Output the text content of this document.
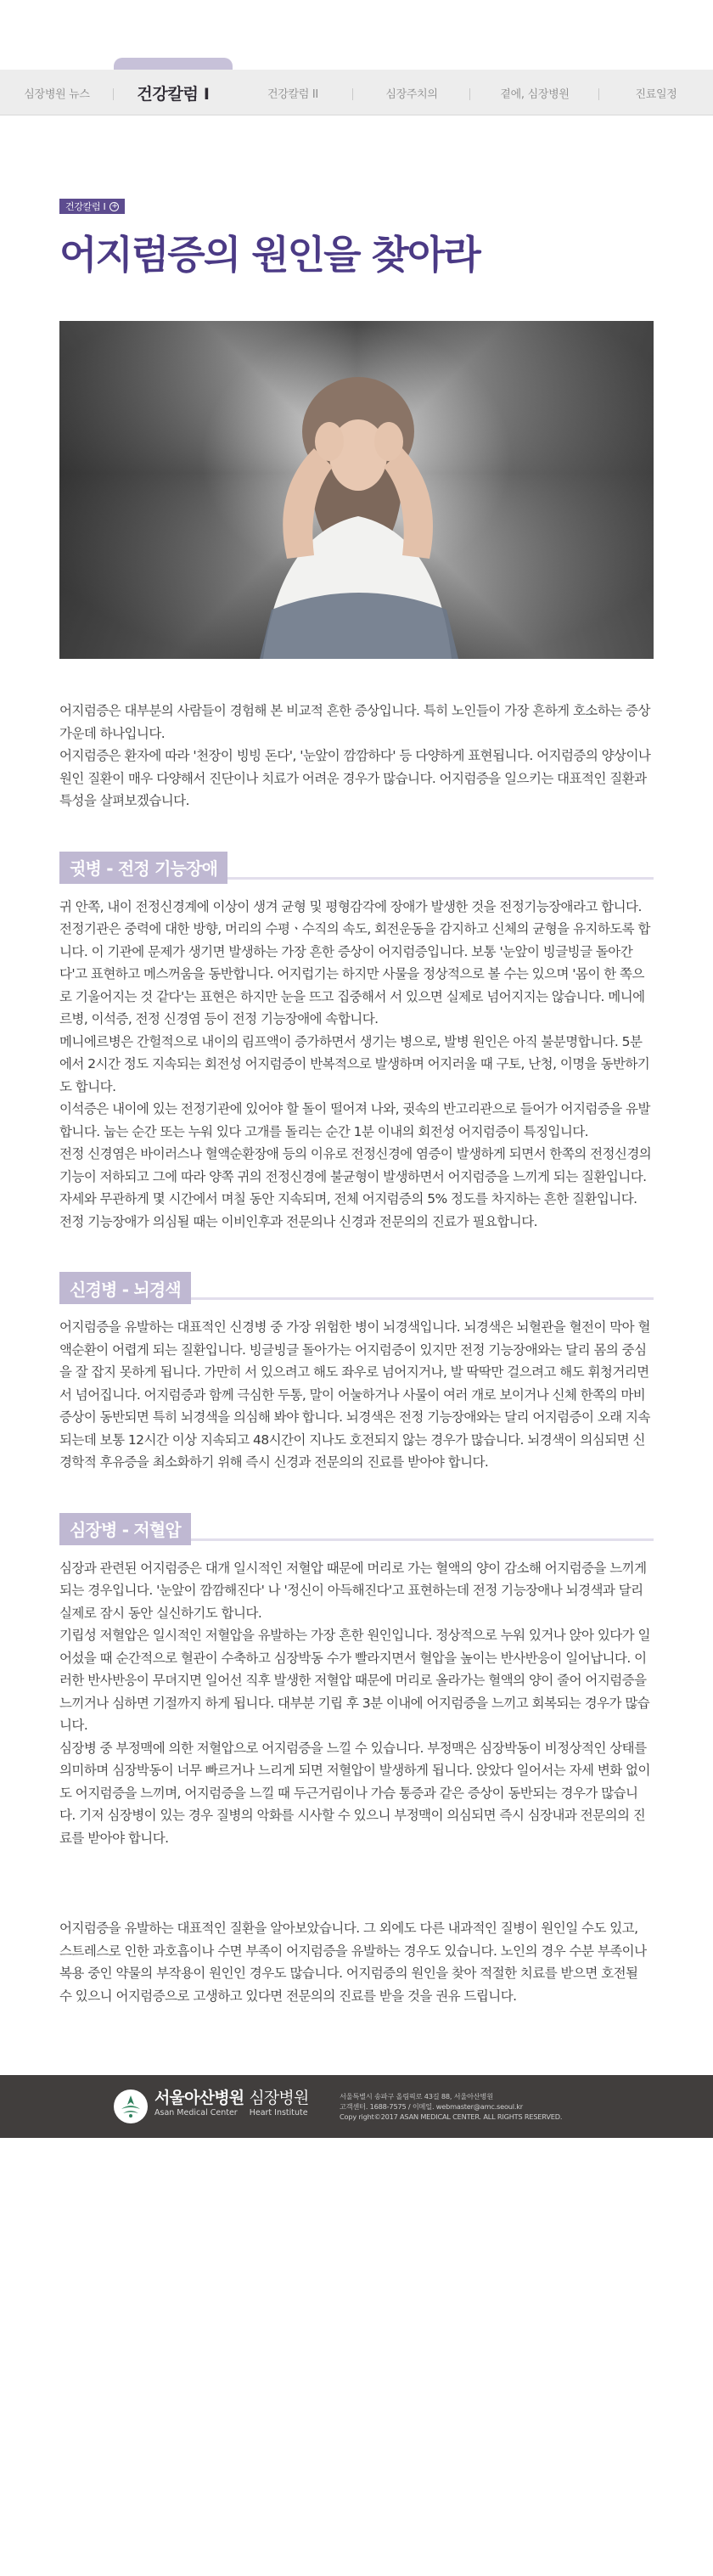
심장병원 뉴스	건강칼럼 I	건강칼럼 II	심장주치의	곁에, 심장병원	진료일정
건강칼럼 I +
어지럼증의 원인을 찾아라

어지럼증은 대부분의 사람들이 경험해 본 비교적 흔한 증상입니다. 특히 노인들이 가장 흔하게 호소하는 증상 가운데 하나입니다.

어지럼증은 환자에 따라 '천장이 빙빙 돈다', '눈앞이 깜깜하다' 등 다양하게 표현됩니다. 어지럼증의 양상이나 원인 질환이 매우 다양해서 진단이나 치료가 어려운 경우가 많습니다. 어지럼증을 일으키는 대표적인 질환과 특성을 살펴보겠습니다.

귓병 - 전정 기능장애

귀 안쪽, 내이 전정신경계에 이상이 생겨 균형 및 평형감각에 장애가 발생한 것을 전정기능장애라고 합니다. 전정기관은 중력에 대한 방향, 머리의 수평ㆍ수직의 속도, 회전운동을 감지하고 신체의 균형을 유지하도록 합니다. 이 기관에 문제가 생기면 발생하는 가장 흔한 증상이 어지럼증입니다. 보통 '눈앞이 빙글빙글 돌아간다'고 표현하고 메스꺼움을 동반합니다. 어지럽기는 하지만 사물을 정상적으로 볼 수는 있으며 '몸이 한 쪽으로 기울어지는 것 같다'는 표현은 하지만 눈을 뜨고 집중해서 서 있으면 실제로 넘어지지는 않습니다. 메니에르병, 이석증, 전정 신경염 등이 전정 기능장애에 속합니다.

메니에르병은 간헐적으로 내이의 림프액이 증가하면서 생기는 병으로, 발병 원인은 아직 불분명합니다. 5분에서 2시간 정도 지속되는 회전성 어지럼증이 반복적으로 발생하며 어지러울 때 구토, 난청, 이명을 동반하기도 합니다.

이석증은 내이에 있는 전정기관에 있어야 할 돌이 떨어져 나와, 귓속의 반고리관으로 들어가 어지럼증을 유발합니다. 눕는 순간 또는 누워 있다 고개를 돌리는 순간 1분 이내의 회전성 어지럼증이 특징입니다.

전정 신경염은 바이러스나 혈액순환장애 등의 이유로 전정신경에 염증이 발생하게 되면서 한쪽의 전정신경의 기능이 저하되고 그에 따라 양쪽 귀의 전정신경에 불균형이 발생하면서 어지럼증을 느끼게 되는 질환입니다. 자세와 무관하게 몇 시간에서 며칠 동안 지속되며, 전체 어지럼증의 5% 정도를 차지하는 흔한 질환입니다.

전정 기능장애가 의심될 때는 이비인후과 전문의나 신경과 전문의의 진료가 필요합니다.

신경병 - 뇌경색

어지럼증을 유발하는 대표적인 신경병 중 가장 위험한 병이 뇌경색입니다. 뇌경색은 뇌혈관을 혈전이 막아 혈액순환이 어렵게 되는 질환입니다. 빙글빙글 돌아가는 어지럼증이 있지만 전정 기능장애와는 달리 몸의 중심을 잘 잡지 못하게 됩니다. 가만히 서 있으려고 해도 좌우로 넘어지거나, 발 딱딱만 걸으려고 해도 휘청거리면서 넘어집니다. 어지럼증과 함께 극심한 두통, 말이 어눌하거나 사물이 여러 개로 보이거나 신체 한쪽의 마비 증상이 동반되면 특히 뇌경색을 의심해 봐야 합니다. 뇌경색은 전정 기능장애와는 달리 어지럼증이 오래 지속되는데 보통 12시간 이상 지속되고 48시간이 지나도 호전되지 않는 경우가 많습니다. 뇌경색이 의심되면 신경학적 후유증을 최소화하기 위해 즉시 신경과 전문의의 진료를 받아야 합니다.

심장병 - 저혈압

심장과 관련된 어지럼증은 대개 일시적인 저혈압 때문에 머리로 가는 혈액의 양이 감소해 어지럼증을 느끼게 되는 경우입니다. '눈앞이 깜깜해진다' 나 '정신이 아득해진다'고 표현하는데 전정 기능장애나 뇌경색과 달리 실제로 잠시 동안 실신하기도 합니다.

기립성 저혈압은 일시적인 저혈압을 유발하는 가장 흔한 원인입니다. 정상적으로 누워 있거나 앉아 있다가 일어섰을 때 순간적으로 혈관이 수축하고 심장박동 수가 빨라지면서 혈압을 높이는 반사반응이 일어납니다. 이러한 반사반응이 무뎌지면 일어선 직후 발생한 저혈압 때문에 머리로 올라가는 혈액의 양이 줄어 어지럼증을 느끼거나 심하면 기절까지 하게 됩니다. 대부분 기립 후 3분 이내에 어지럼증을 느끼고 회복되는 경우가 많습니다.

심장병 중 부정맥에 의한 저혈압으로 어지럼증을 느낄 수 있습니다. 부정맥은 심장박동이 비정상적인 상태를 의미하며 심장박동이 너무 빠르거나 느리게 되면 저혈압이 발생하게 됩니다. 앉았다 일어서는 자세 변화 없이도 어지럼증을 느끼며, 어지럼증을 느낄 때 두근거림이나 가슴 통증과 같은 증상이 동반되는 경우가 많습니다. 기저 심장병이 있는 경우 질병의 악화를 시사할 수 있으니 부정맥이 의심되면 즉시 심장내과 전문의의 진료를 받아야 합니다.

어지럼증을 유발하는 대표적인 질환을 알아보았습니다. 그 외에도 다른 내과적인 질병이 원인일 수도 있고, 스트레스로 인한 과호흡이나 수면 부족이 어지럼증을 유발하는 경우도 있습니다. 노인의 경우 수분 부족이나 복용 중인 약물의 부작용이 원인인 경우도 많습니다. 어지럼증의 원인을 찾아 적절한 치료를 받으면 호전될 수 있으니 어지럼증으로 고생하고 있다면 전문의의 진료를 받을 것을 권유 드립니다.

서울아산병원 심장병원
Asan Medical Center Heart Institute
서울특별시 송파구 올림픽로 43길 88, 서울아산병원
고객센터. 1688-7575 / 이메일. webmaster@amc.seoul.kr
Copy right©2017 ASAN MEDICAL CENTER. ALL RIGHTS RESERVED.
